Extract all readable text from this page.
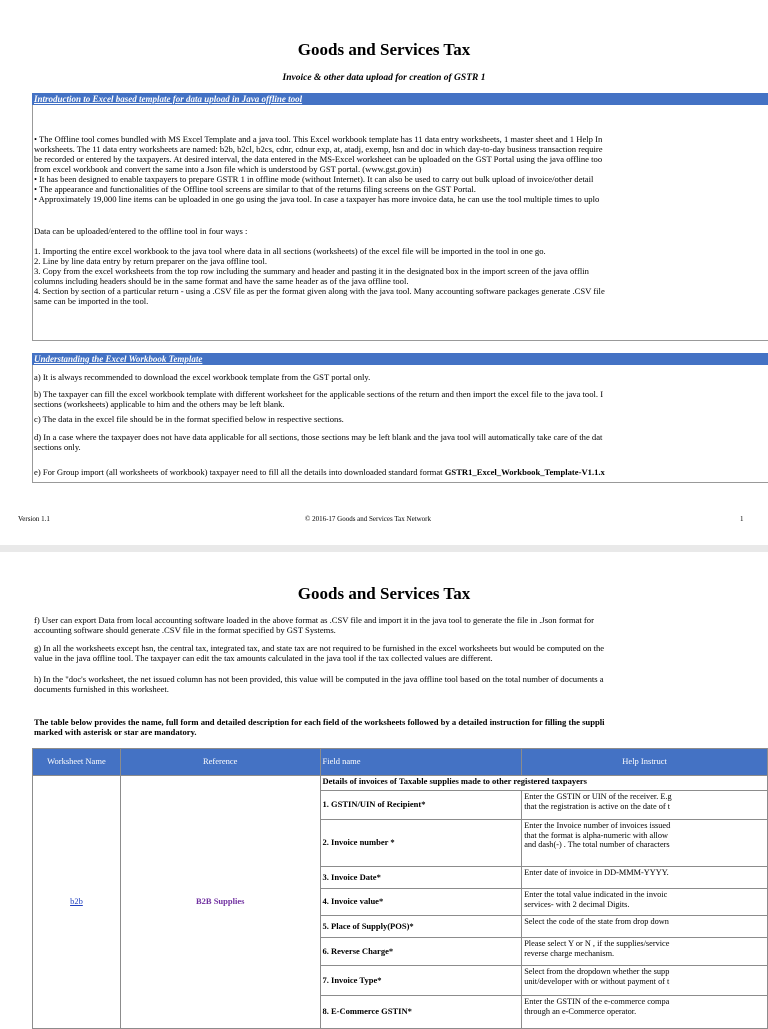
Goods and Services Tax
Invoice & other data upload for creation of GSTR 1
Introduction to Excel based template for data upload in Java offline tool
• The Offline tool comes bundled with MS Excel Template and a java tool. This Excel workbook template has 11 data entry worksheets, 1 master sheet and 1 Help In
worksheets. The 11 data entry worksheets are named: b2b, b2cl, b2cs, cdnr, cdnur exp, at, atadj, exemp, hsn and doc in which day-to-day business transaction require
be recorded or entered by the taxpayers. At desired interval, the data entered in the MS-Excel worksheet can be uploaded on the GST Portal using the java offline too
from excel workbook and convert the same into a Json file which is understood by GST portal. (www.gst.gov.in)
• It has been designed to enable taxpayers to prepare GSTR 1 in offline mode (without Internet). It can also be used to carry out bulk upload of invoice/other detail
• The appearance and functionalities of the Offline tool screens are similar to that of the returns filing screens on the GST Portal.
• Approximately 19,000 line items can be uploaded in one go using the java tool. In case a taxpayer has more invoice data, he can use the tool multiple times to uplo
Data can be uploaded/entered to the offline tool in four ways :
1. Importing the entire excel workbook to the java tool where data in all sections (worksheets) of the excel file will be imported in the tool in one go.
2. Line by line data entry by return preparer on the java offline tool.
3. Copy from the excel worksheets from the top row including the summary and header and pasting it in the designated box in the import screen of the java offlin
columns including headers should be in the same format and have the same header as of the java offline tool.
4. Section by section of a particular return - using a .CSV file as per the format given along with the java tool. Many accounting software packages generate .CSV file
same can be imported in the tool.
Understanding the Excel Workbook Template
a) It is always recommended to download the excel workbook template from the GST portal only.
b) The taxpayer can fill the excel workbook template with different worksheet for the applicable sections of the return and then import the excel file to the java tool. I
sections (worksheets) applicable to him and the others may be left blank.
c) The data in the excel file should be in the format specified below in respective sections.
d) In a case where the taxpayer does not have data applicable for all sections, those sections may be left blank and the java tool will automatically take care of the dat
sections only.
e) For Group import (all worksheets of workbook) taxpayer need to fill all the details into downloaded standard format GSTR1_Excel_Workbook_Template-V1.1.x
Version 1.1	© 2016-17 Goods and Services Tax Network	1
Goods and Services Tax
f) User can export Data from local accounting software loaded in the above format as .CSV file and import it in the java tool to generate the file in .Json format for
accounting software should generate .CSV file in the format specified by GST Systems.
g) In all the worksheets except hsn, the central tax, integrated tax, and state tax are not required to be furnished in the excel worksheets but would be computed on the
value in the java offline tool. The taxpayer can edit the tax amounts calculated in the java tool if the tax collected values are different.
h) In the "doc's worksheet, the net issued column has not been provided, this value will be computed in the java offline tool based on the total number of documents a
documents furnished in this worksheet.
The table below provides the name, full form and detailed description for each field of the worksheets followed by a detailed instruction for filling the suppli
marked with asterisk or star are mandatory.
Worksheet Name	Reference	Field name	Help Instruct
b2b	B2B Supplies	Details of invoices of Taxable supplies made to other registered taxpayers	
		1. GSTIN/UIN of Recipient*	Enter the GSTIN or UIN of the receiver. E.g
that the registration is active on the date of t

		2. Invoice number *	Enter the Invoice number of invoices issued
that the format is alpha-numeric with allow
and dash(-) . The total number of characters

		3. Invoice Date*	Enter date of invoice in DD-MMM-YYYY.

		4. Invoice value*	Enter the total value indicated in the invoic
services- with 2 decimal Digits.

		5. Place of Supply(POS)*	Select the code of the state from drop down

		6. Reverse Charge*	Please select Y or N , if the supplies/service
reverse charge mechanism.

		7. Invoice Type*	Select from the dropdown whether the supp
unit/developer with or without payment of t

		8. E-Commerce GSTIN*	Enter the GSTIN of the e-commerce compa
through an e-Commerce operator.
